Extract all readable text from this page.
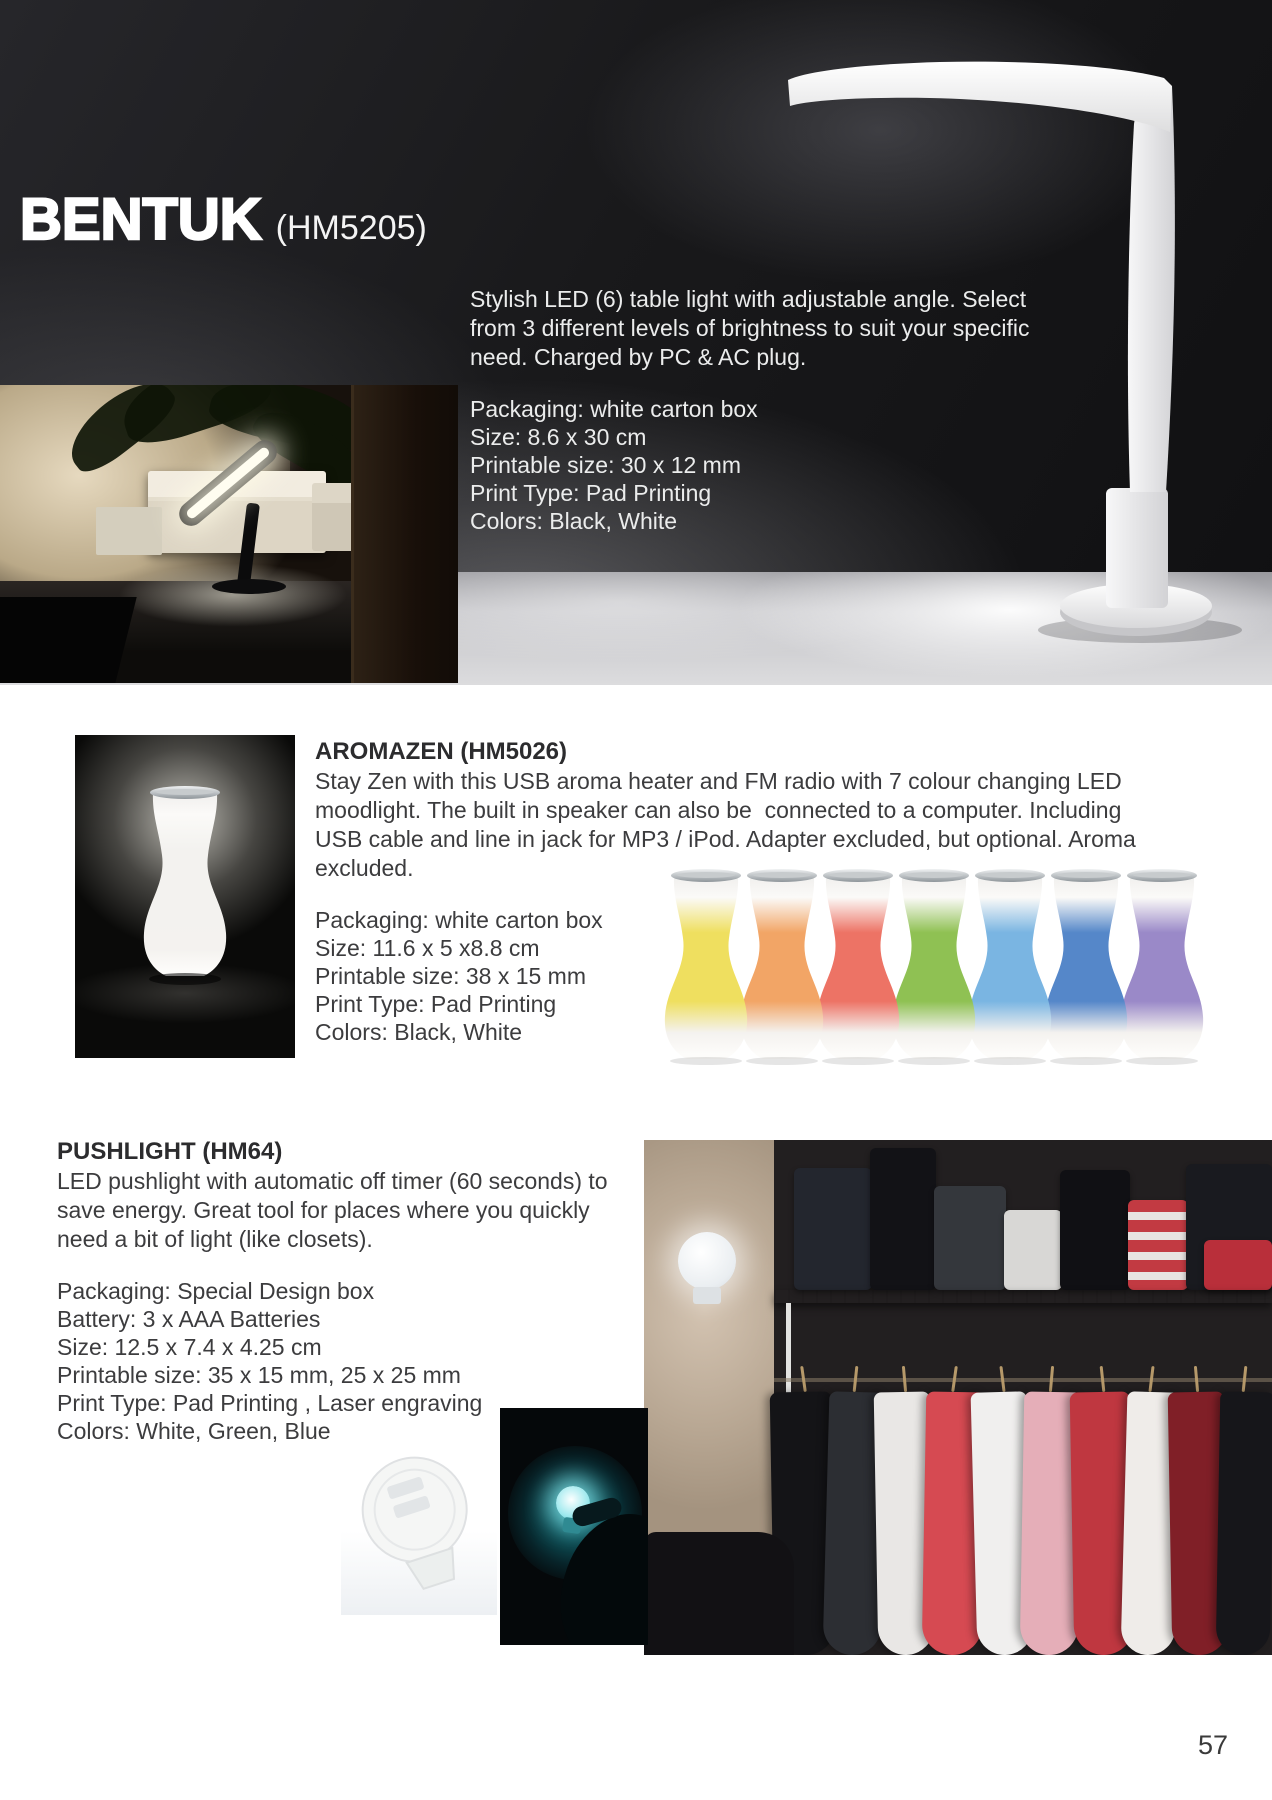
BENTUK (HM5205)
Stylish LED (6) table light with adjustable angle. Select
from 3 different levels of brightness to suit your specific
need. Charged by PC & AC plug.
Packaging: white carton box
Size: 8.6 x 30 cm
Printable size: 30 x 12 mm
Print Type: Pad Printing
Colors: Black, White
AROMAZEN (HM5026)
Stay Zen with this USB aroma heater and FM radio with 7 colour changing LED
moodlight. The built in speaker can also be  connected to a computer. Including
USB cable and line in jack for MP3 / iPod. Adapter excluded, but optional. Aroma
excluded.
Packaging: white carton box
Size: 11.6 x 5 x8.8 cm
Printable size: 38 x 15 mm
Print Type: Pad Printing
Colors: Black, White
PUSHLIGHT (HM64)
LED pushlight with automatic off timer (60 seconds) to
save energy. Great tool for places where you quickly
need a bit of light (like closets).
Packaging: Special Design box
Battery: 3 x AAA Batteries
Size: 12.5 x 7.4 x 4.25 cm
Printable size: 35 x 15 mm, 25 x 25 mm
Print Type: Pad Printing , Laser engraving
Colors: White, Green, Blue
57
